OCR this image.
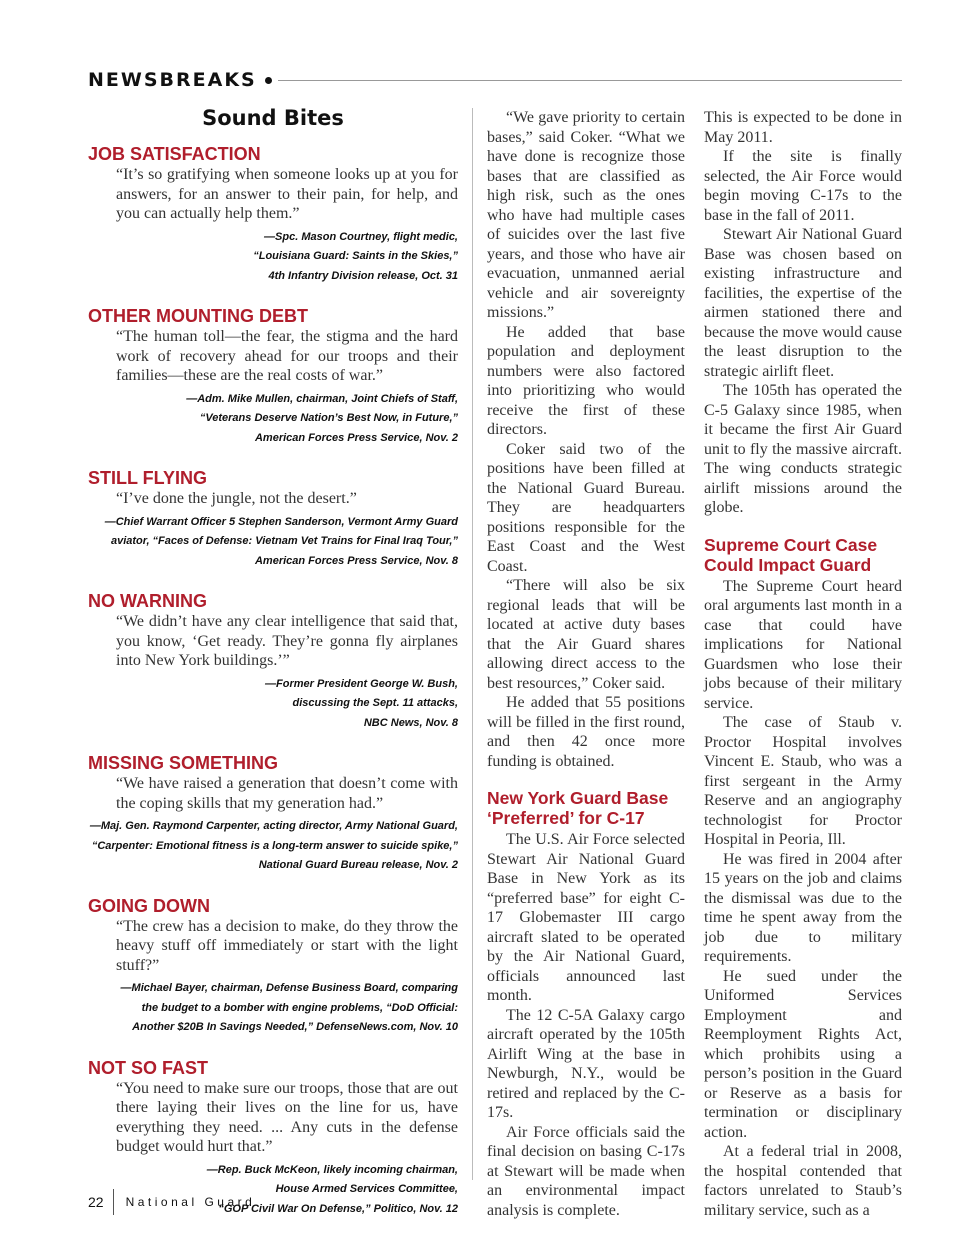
NEWSBREAKS
Sound Bites
JOB SATISFACTION
“It’s so gratifying when someone looks up at you for answers, for an answer to their pain, for help, and you can actually help them.”
—Spc. Mason Courtney, flight medic,
“Louisiana Guard: Saints in the Skies,”
4th Infantry Division release, Oct. 31
OTHER MOUNTING DEBT
“The human toll—the fear, the stigma and the hard work of recovery ahead for our troops and their families—these are the real costs of war.”
—Adm. Mike Mullen, chairman, Joint Chiefs of Staff,
“Veterans Deserve Nation’s Best Now, in Future,”
American Forces Press Service, Nov. 2
STILL FLYING
“I’ve done the jungle, not the desert.”
—Chief Warrant Officer 5 Stephen Sanderson, Vermont Army Guard
aviator, “Faces of Defense: Vietnam Vet Trains for Final Iraq Tour,”
American Forces Press Service, Nov. 8
NO WARNING
“We didn’t have any clear intelligence that said that, you know, ‘Get ready. They’re gonna fly airplanes into New York buildings.’”
—Former President George W. Bush,
discussing the Sept. 11 attacks,
NBC News, Nov. 8
MISSING SOMETHING
“We have raised a generation that doesn’t come with the coping skills that my generation had.”
—Maj. Gen. Raymond Carpenter, acting director, Army National Guard,
“Carpenter: Emotional fitness is a long-term answer to suicide spike,”
National Guard Bureau release, Nov. 2
GOING DOWN
“The crew has a decision to make, do they throw the heavy stuff off immediately or start with the light stuff?”
—Michael Bayer, chairman, Defense Business Board, comparing
the budget to a bomber with engine problems, “DoD Official:
Another $20B In Savings Needed,” DefenseNews.com, Nov. 10
NOT SO FAST
“You need to make sure our troops, those that are out there laying their lives on the line for us, have everything they need. ... Any cuts in the defense budget would hurt that.”
—Rep. Buck McKeon, likely incoming chairman,
House Armed Services Committee,
“GOP Civil War On Defense,” Politico, Nov. 12

“We gave priority to certain bases,” said Coker. “What we have done is recognize those bases that are classified as high risk, such as the ones who have had multiple cases of suicides over the last five years, and those who have air evacuation, unmanned aerial vehicle and air sovereignty missions.”

He added that base population and deployment numbers were also factored into prioritizing who would receive the first of these directors.

Coker said two of the positions have been filled at the National Guard Bureau. They are headquarters positions responsible for the East Coast and the West Coast.

“There will also be six regional leads that will be located at active duty bases that the Air Guard shares allowing direct access to the best resources,” Coker said.

He added that 55 positions will be filled in the first round, and then 42 once more funding is obtained.

New York Guard Base ‘Preferred’ for C-17

The U.S. Air Force selected Stewart Air National Guard Base in New York as its “preferred base” for eight C-17 Globemaster III cargo aircraft slated to be operated by the Air National Guard, officials announced last month.

The 12 C-5A Galaxy cargo aircraft operated by the 105th Airlift Wing at the base in Newburgh, N.Y., would be retired and replaced by the C-17s.

Air Force officials said the final decision on basing C-17s at Stewart will be made when an environmental impact analysis is complete.

This is expected to be done in May 2011.

If the site is finally selected, the Air Force would begin moving C-17s to the base in the fall of 2011.

Stewart Air National Guard Base was chosen based on existing infrastructure and facilities, the expertise of the airmen stationed there and because the move would cause the least disruption to the strategic airlift fleet.

The 105th has operated the C-5 Galaxy since 1985, when it became the first Air Guard unit to fly the massive aircraft. The wing conducts strategic airlift missions around the globe.

Supreme Court Case Could Impact Guard

The Supreme Court heard oral arguments last month in a case that could have implications for National Guardsmen who lose their jobs because of their military service.

The case of Staub v. Proctor Hospital involves Vincent E. Staub, who was a first sergeant in the Army Reserve and an angiography technologist for Proctor Hospital in Peoria, Ill.

He was fired in 2004 after 15 years on the job and claims the dismissal was due to the time he spent away from the job due to military requirements.

He sued under the Uniformed Services Employment and Reemployment Rights Act, which prohibits using a person’s position in the Guard or Reserve as a basis for termination or disciplinary action.

At a federal trial in 2008, the hospital contended that factors unrelated to Staub’s military service, such as a

22 National Guard
